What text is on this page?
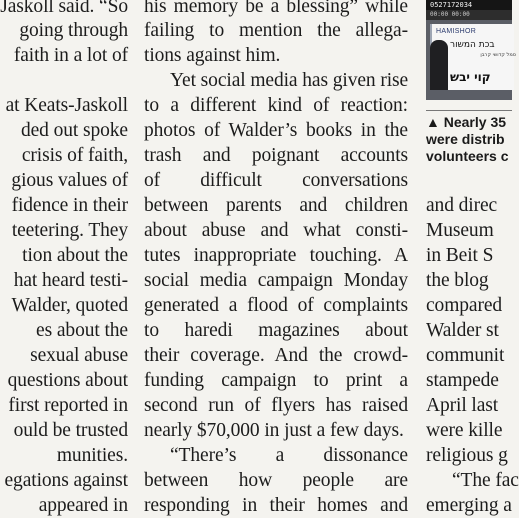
Jaskoll said. “So
going through
faith in a lot of
at Keats-Jaskoll
ded out spoke
crisis of faith,
gious values of
fidence in their
teetering. They
tion about the
hat heard testi-
Walder, quoted
es about the
sexual abuse
questions about
first reported in
ould be trusted
munities.
egations against
appeared in
his memory be a blessing” while
failing to mention the allega-
tions against him.
Yet social media has given rise
to a different kind of reaction:
photos of Walder’s books in the
trash and poignant accounts
of difficult conversations
between parents and children
about abuse and what consti-
tutes inappropriate touching. A
social media campaign Monday
generated a flood of complaints
to haredi magazines about
their coverage. And the crowd-
funding campaign to print a
second run of flyers has raised
nearly $70,000 in just a few days.
“There’s a dissonance
between how people are
responding in their homes and
0527172034
00:00 00:00
HAMISHOR
בכת המשור
סמל קדושי קרבן
קוי יבש
▲ Nearly 35
were distrib
volunteers c
and direc
Museum
in Beit S
the blog
compared
Walder st
communit
stampede
April last
were kille
religious g
“The fac
emerging a
